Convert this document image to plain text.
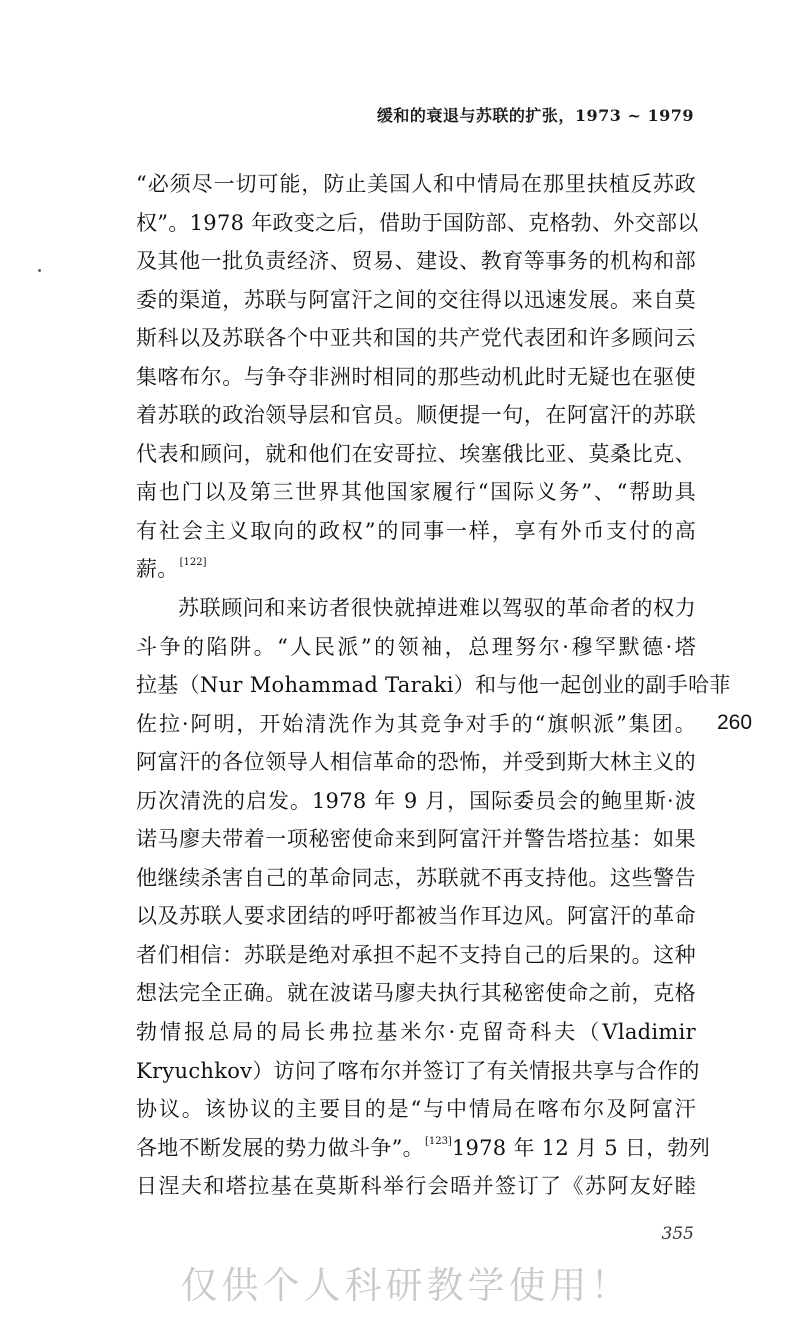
缓和的衰退与苏联的扩张，1973 ~ 1979
“必须尽一切可能，防止美国人和中情局在那里扶植反苏政
权”。1978 年政变之后，借助于国防部、克格勃、外交部以
及其他一批负责经济、贸易、建设、教育等事务的机构和部
委的渠道，苏联与阿富汗之间的交往得以迅速发展。来自莫
斯科以及苏联各个中亚共和国的共产党代表团和许多顾问云
集喀布尔。与争夺非洲时相同的那些动机此时无疑也在驱使
着苏联的政治领导层和官员。顺便提一句，在阿富汗的苏联
代表和顾问，就和他们在安哥拉、埃塞俄比亚、莫桑比克、
南也门以及第三世界其他国家履行“国际义务”、“帮助具
有社会主义取向的政权”的同事一样，享有外币支付的高
薪。[122]
苏联顾问和来访者很快就掉进难以驾驭的革命者的权力
斗争的陷阱。“人民派”的领袖，总理努尔·穆罕默德·塔
拉基（Nur Mohammad Taraki）和与他一起创业的副手哈菲
佐拉·阿明，开始清洗作为其竞争对手的“旗帜派”集团。
阿富汗的各位领导人相信革命的恐怖，并受到斯大林主义的
历次清洗的启发。1978 年 9 月，国际委员会的鲍里斯·波
诺马廖夫带着一项秘密使命来到阿富汗并警告塔拉基：如果
他继续杀害自己的革命同志，苏联就不再支持他。这些警告
以及苏联人要求团结的呼吁都被当作耳边风。阿富汗的革命
者们相信：苏联是绝对承担不起不支持自己的后果的。这种
想法完全正确。就在波诺马廖夫执行其秘密使命之前，克格
勃情报总局的局长弗拉基米尔·克留奇科夫（Vladimir
Kryuchkov）访问了喀布尔并签订了有关情报共享与合作的
协议。该协议的主要目的是“与中情局在喀布尔及阿富汗
各地不断发展的势力做斗争”。[123]1978 年 12 月 5 日，勃列
日涅夫和塔拉基在莫斯科举行会晤并签订了《苏阿友好睦
260
355
仅供个人科研教学使用！
